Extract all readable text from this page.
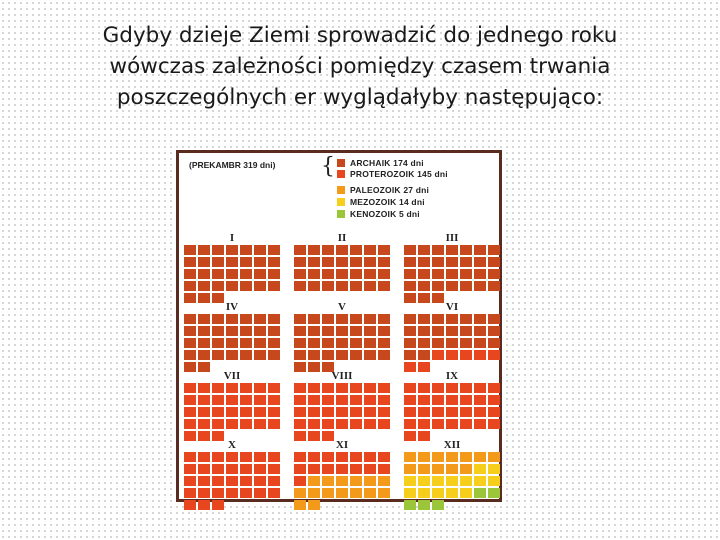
Gdyby dzieje Ziemi sprowadzić do jednego roku
wówczas zależności pomiędzy czasem trwania
poszczególnych er wyglądałyby następująco:
(PREKAMBR 319 dni) { ARCHAIK 174 dni
PROTEROZOIK 145 dni
PALEOZOIK 27 dni
MEZOZOIK 14 dni
KENOZOIK 5 dni
I	II	III
IV	V	VI
VII	VIII	IX
X	XI	XII
